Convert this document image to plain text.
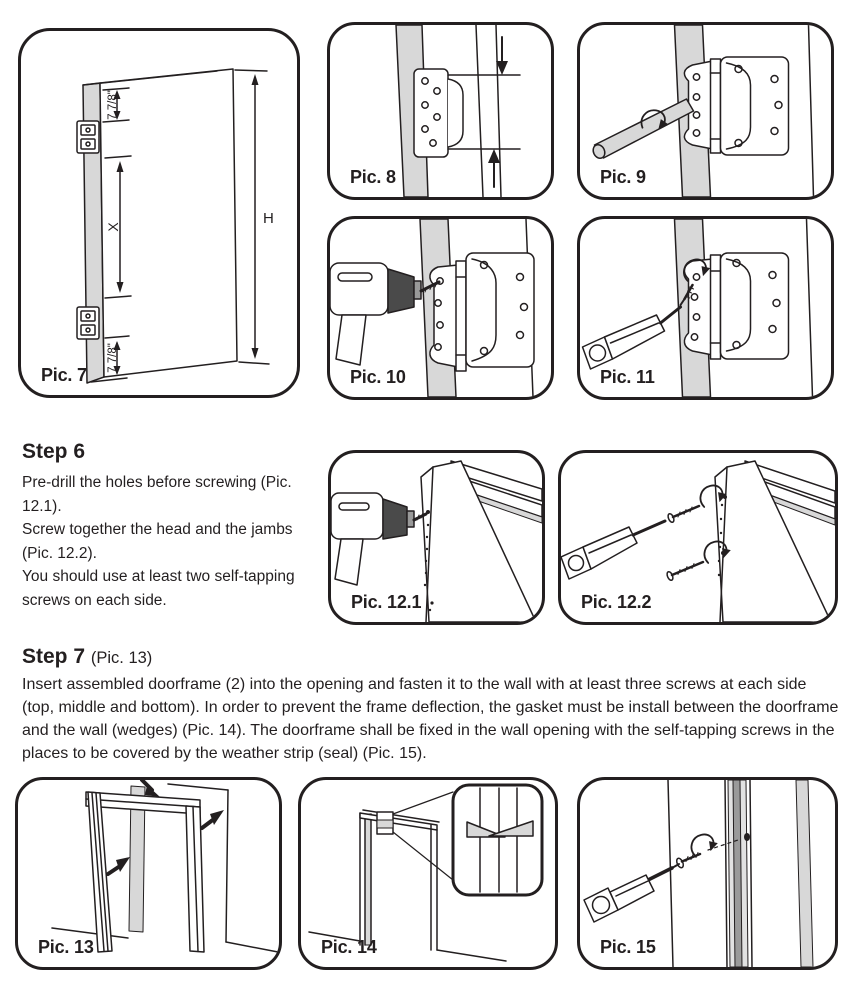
7 7/8"
X
7 7/8"
H
Pic. 7
Pic. 8	Pic. 9
Pic. 10	Pic. 11
Step 6
Pre-drill the holes before screwing (Pic. 12.1).
Screw together the head and the jambs
(Pic. 12.2).
You should use at least two self-tapping
screws on each side.	Pic. 12.1	Pic. 12.2
Step 7 (Pic. 13)

Insert assembled doorframe (2) into the opening and fasten it to the wall with at least three screws at each side (top, middle and bottom). In order to prevent the frame deflection, the gasket must be install between the doorframe and the wall (wedges) (Pic. 14). The doorframe shall be fixed in the wall opening with the self-tapping screws in the places to be covered by the weather strip (seal) (Pic. 15).

Pic. 13	Pic. 14	Pic. 15
